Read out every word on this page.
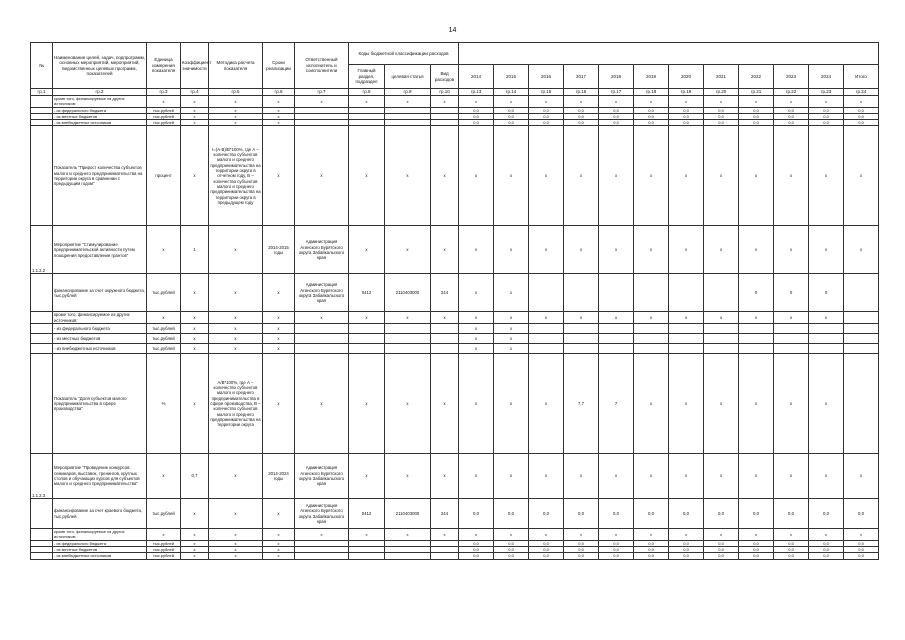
14
№	Наименование целей, задач, подпрограмм, основных мероприятий, мероприятий, ведомственных целевых программ, показателей	Единица измерения показателя	Коэффициент значимости	Методика расчета показателя	Сроки реализации	Ответственный исполнитель и соисполнители	Коды бюджетной классификации расходов														
							Главный раздел, подраздел	целевая статья	Вид расходов	2014	2015	2016	2017	2018	2019	2020	2021	2022	2023	2024	Итого
гр.1	гр.2	гр.3	гр.4	гр.5	гр.6	гр.7	гр.8	гр.9	гр.10	гр.13	гр.14	гр.15	гр.16	гр.17	гр.18	гр.19	гр.20	гр.21	гр.22	гр.23	гр.24
	кроме того, финансируемое из других источников:	х	х	х	х	х	х	х	х	х	х	х	х	х	х	х	х	х	х	х	х
	- из федерального бюджета	тыс.рублей	х	х	х					0,0	0,0	0,0	0,0	0,0	0,0	0,0	0,0	0,0	0,0	0,0	0,0
	- из местных бюджетов	тыс.рублей	х	х	х					0,0	0,0	0,0	0,0	0,0	0,0	0,0	0,0	0,0	0,0	0,0	0,0
	- из внебюджетных источников	тыс.рублей	х	х	х					0,0	0,0	0,0	0,0	0,0	0,0	0,0	0,0	0,0	0,0	0,0	0,0
	Показатель "Прирост количества субъектов малого и среднего предпринимательства на территории округа в сравнении с предыдущим годом"	процент	х	I=(A-B)/B*100%, где А – количество субъектов малого и среднего предпринимательства на территории округа в отчетном году, В – количество субъектов малого и среднего предпринимательства на территории округа в предыдущем году	х	х	х	х	х	х	х	х	х	х	х	х	х	х	х	х	х
1.1.2.2	Мероприятие "Стимулирование предпринимательской активности путем поощрения предоставления грантов"	х	1	х	2014-2015 годы	Администрация Агинского Бурятского округа Забайкальского края	х	х	х	х	х	х	х	х	х	х	х	х	х	х	х
	финансирование за счет окружного бюджета, тыс.рублей	тыс.рублей	х	х	х	Администрация Агинского Бурятского округа Забайкальского края	0412	2110403000	244	х	х							0	0	0	
	кроме того, финансируемое из других источников:	х	х	х	х	х	х	х	х	х	х	х	х	х	х	х	х	х	х	х	
	- из федерального бюджета	тыс.рублей	х	х	х					х	х										
	- из местных бюджетов	тыс.рублей	х	х	х					х	х										
	- из внебюджетных источников	тыс.рублей	х	х	х					х	х										
	Показатель "Доля субъектов малого предпринимательства в сфере производства"	%	х	A/B*100%, где А – количество субъектов малого и среднего предпринимательства в сфере производства, В – количество субъектов малого и среднего предпринимательства на территории округа	х	х	х	х	х	х	х	х	7,7	7	х	х	х	х	х	х	
1.1.2.3	Мероприятие "Проведение конкурсов, семинаров, выставок, тренингов, круглых столов и обучающих курсов для субъектов малого и среднего предпринимательства"	х	0,7	х	2014-2024 годы	Администрация Агинского Бурятского округа Забайкальского края	х	х	х	х	х	х	х	х	х	х	х	х	х	х	х
	финансирование за счет краевого бюджета, тыс.рублей	тыс.рублей	х	х	х	Администрация Агинского Бурятского округа Забайкальского края	0412	2110403000	244	0,0	0,0	0,0	0,0	0,0	0,0	0,0	0,0	0,0	0,0	0,0	0,0
	кроме того, финансируемое из других источников:	х	х	х	х	х	х	х	х	х	х	х	х	х	х	х	х	х	х	х	х
	- из федерального бюджета	тыс.рублей	х	х	х					0,0	0,0	0,0	0,0	0,0	0,0	0,0	0,0	0,0	0,0	0,0	0,0
	- из местных бюджетов	тыс.рублей	х	х	х					0,0	0,0	0,0	0,0	0,0	0,0	0,0	0,0	0,0	0,0	0,0	0,0
	- из внебюджетных источников	тыс.рублей	х	х	х					0,0	0,0	0,0	0,0	0,0	0,0	0,0	0,0	0,0	0,0	0,0	0,0
